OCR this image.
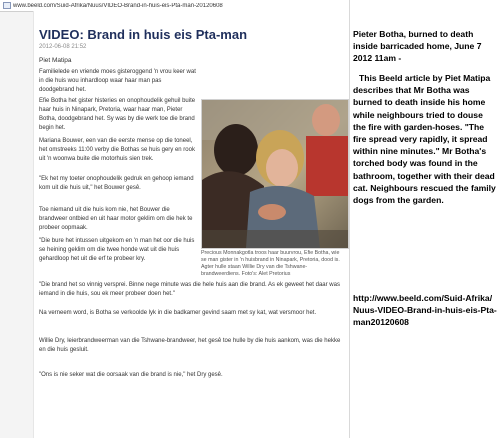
www.beeld.com/Suid-Afrika/Nuus/VIDEO-Brand-in-huis-eis-Pta-man-20120608
VIDEO: Brand in huis eis Pta-man
2012-06-08 21:52
Piet Matipa

Familielede en vriende moes gisteroggend 'n vrou keer wat in die huis wou inhardloop waar haar man pas doodgebrand het.

Efie Botha het gister histeries en onophoudelik gehuil buite haar huis in Ninapark, Pretoria, waar haar man, Pieter Botha, doodgebrand het. Sy was by die werk toe die brand begin het.

Mariana Bouwer, een van die eerste mense op die toneel, het omstreeks 11:00 verby die Bothas se huis gery en rook uit 'n woonwa buite die motorhuis sien trek.

"Ek het my toeter onophoudelik gedruk en gehoop iemand kom uit die huis uit," het Bouwer gesê.

Toe niemand uit die huis kom nie, het Bouwer die brandweer ontbied en uit haar motor geklim om die hek te probeer oopmaak.

"Die bure het intussen uitgekom en 'n man het oor die huis se heining geklim om die twee honde wat uit die huis gehardloop het uit die erf te probeer kry.

"Die brand het so vinnig versprei. Binne nege minute was die hele huis aan die brand. As ek geweet het daar was iemand in die huis, sou ek meer probeer doen het."

Na verneem word, is Botha se verkoolde lyk in die badkamer gevind saam met sy kat, wat versmoor het.

Willie Dry, leierbrandweerman van die Tshwane-brandweer, het gesê toe hulle by die huis aankom, was die hekke en die huis gesluit.

"Ons is nie seker wat die oorsaak van die brand is nie," het Dry gesê.

Precious Monnakgotla troos haar buurvrou, Efie Botha, wie se man gister in 'n huisbrand in Ninapark, Pretoria, dood is. Agter hulle staan Willie Dry van die Tshwane-brandweerdiens. Foto's: Alet Pretorius

Pieter Botha, burned to death inside barricaded home, June 7 2012 11am -

This Beeld article by Piet Matipa describes that Mr Botha was burned to death inside his home while neighbours tried to douse the fire with garden-hoses. "The fire spread very rapidly, it spread within nine minutes." Mr Botha's torched body was found in the bathroom, together with their dead cat. Neighbours rescued the family dogs from the garden.

http://www.beeld.com/Suid-Afrika/Nuus-VIDEO-Brand-in-huis-eis-Pta-man20120608
